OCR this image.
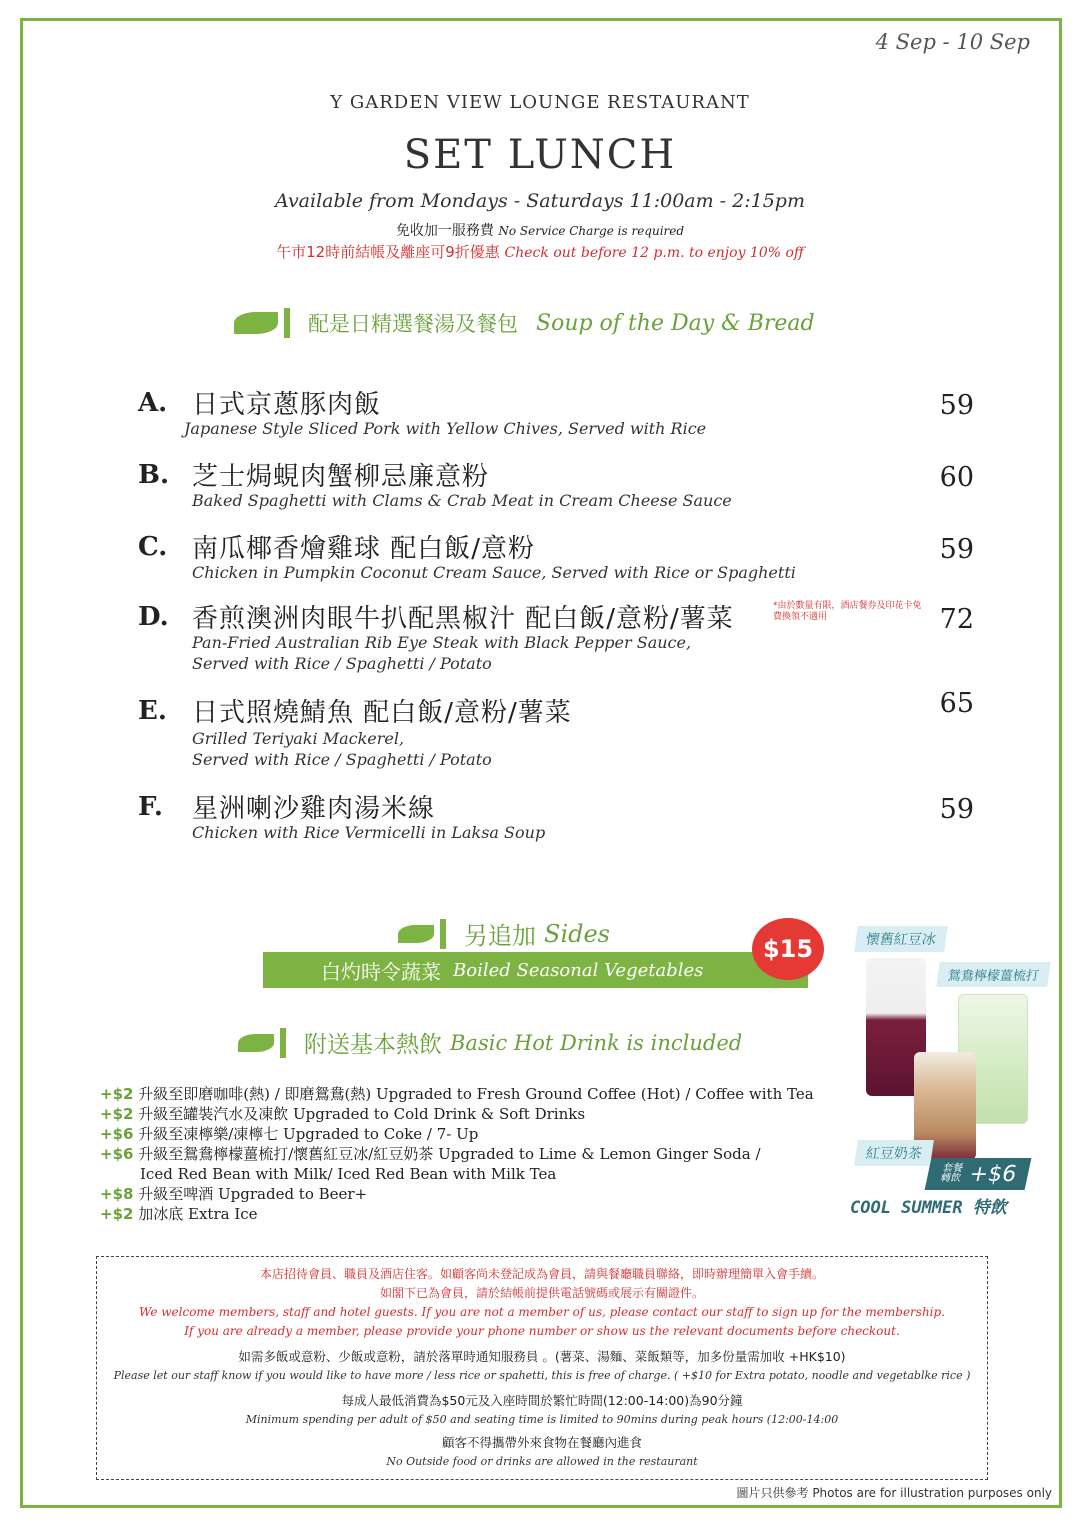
4 Sep - 10 Sep
Y GARDEN VIEW LOUNGE RESTAURANT
SET LUNCH
Available from Mondays - Saturdays 11:00am - 2:15pm
免收加一服務費 No Service Charge is required
午市12時前結帳及離座可9折優惠 Check out before 12 p.m. to enjoy 10% off
配是日精選餐湯及餐包 Soup of the Day & Bread
A. 日式京蔥豚肉飯
Japanese Style Sliced Pork with Yellow Chives, Served with Rice
59
B. 芝士焗蜆肉蟹柳忌廉意粉
Baked Spaghetti with Clams & Crab Meat in Cream Cheese Sauce
60
C. 南瓜椰香燴雞球 配白飯/意粉
Chicken in Pumpkin Coconut Cream Sauce, Served with Rice or Spaghetti
59
D. 香煎澳洲肉眼牛扒配黑椒汁 配白飯/意粉/薯菜
Pan-Fried Australian Rib Eye Steak with Black Pepper Sauce,
Served with Rice / Spaghetti / Potato
72
*由於數量有限，酒店餐券及印花卡免費換領不適用
E. 日式照燒鯖魚 配白飯/意粉/薯菜
Grilled Teriyaki Mackerel,
Served with Rice / Spaghetti / Potato
65
F. 星洲喇沙雞肉湯米線
Chicken with Rice Vermicelli in Laksa Soup
59
另追加 Sides
白灼時令蔬菜 Boiled Seasonal Vegetables
$15
附送基本熱飲 Basic Hot Drink is included
+$2 升級至即磨咖啡(熱) / 即磨鴛鴦(熱) Upgraded to Fresh Ground Coffee (Hot) / Coffee with Tea
+$2 升級至罐裝汽水及凍飲 Upgraded to Cold Drink & Soft Drinks
+$6 升級至凍檸樂/凍檸七 Upgraded to Coke / 7- Up
+$6 升級至鴛鴦檸檬薑梳打/懷舊紅豆冰/紅豆奶茶 Upgraded to Lime & Lemon Ginger Soda /
Iced Red Bean with Milk/ Iced Red Bean with Milk Tea
+$8 升級至啤酒 Upgraded to Beer+
+$2 加冰底 Extra Ice
懷舊紅豆冰
鴛鴦檸檬薑梳打
紅豆奶茶
套餐轉飲 +$6
COOL SUMMER 特飲
本店招待會員、職員及酒店住客。如顧客尚未登記成為會員，請與餐廳職員聯絡，即時辦理簡單入會手續。
如閣下已為會員，請於結帳前提供電話號碼或展示有關證件。
We welcome members, staff and hotel guests. If you are not a member of us, please contact our staff to sign up for the membership.
If you are already a member, please provide your phone number or show us the relevant documents before checkout.
如需多飯或意粉、少飯或意粉，請於落單時通知服務員 。(薯菜、湯麵、菜飯類等，加多份量需加收 +HK$10)
Please let our staff know if you would like to have more / less rice or spahetti, this is free of charge. ( +$10 for Extra potato, noodle and vegetablke rice )
每成人最低消費為$50元及入座時間於繁忙時間(12:00-14:00)為90分鐘
Minimum spending per adult of $50 and seating time is limited to 90mins during peak hours (12:00-14:00
顧客不得攜帶外來食物在餐廳內進食
No Outside food or drinks are allowed in the restaurant
圖片只供參考 Photos are for illustration purposes only
